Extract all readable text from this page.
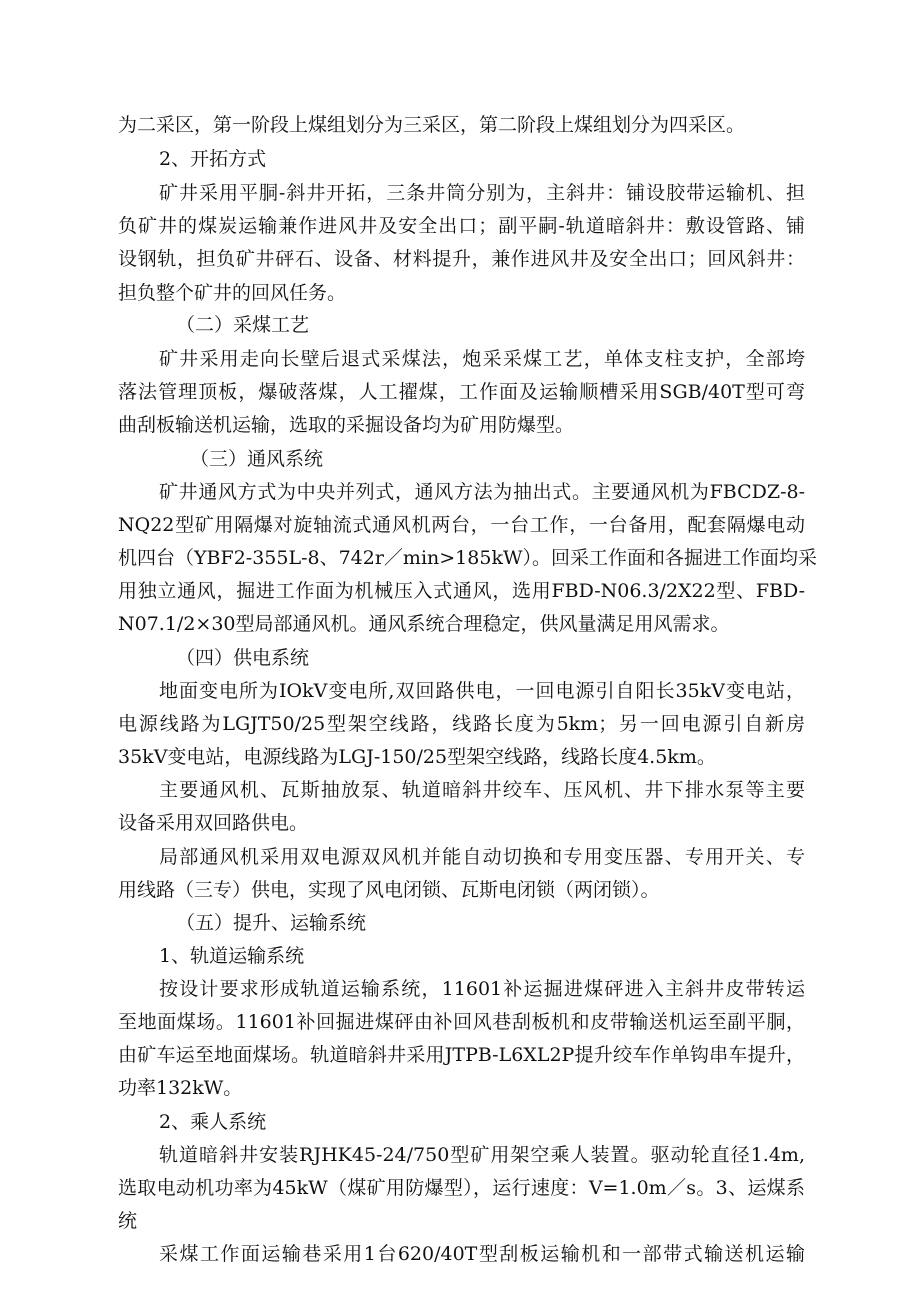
为二采区，第一阶段上煤组划分为三采区，第二阶段上煤组划分为四采区。
2、开拓方式
矿井采用平胴-斜井开拓，三条井筒分别为，主斜井：铺设胶带运输机、担
负矿井的煤炭运输兼作进风井及安全出口；副平嗣-轨道暗斜井：敷设管路、铺
设钢轨，担负矿井砰石、设备、材料提升，兼作进风井及安全出口；回风斜井：
担负整个矿井的回风任务。
（二）采煤工艺
矿井采用走向长壁后退式采煤法，炮采采煤工艺，单体支柱支护，全部垮
落法管理顶板，爆破落煤，人工擢煤，工作面及运输顺槽采用SGB/40T型可弯
曲刮板输送机运输，选取的采掘设备均为矿用防爆型。
（三）通风系统
矿井通风方式为中央并列式，通风方法为抽出式。主要通风机为FBCDZ-8-
NQ22型矿用隔爆对旋轴流式通风机两台，一台工作，一台备用，配套隔爆电动
机四台（YBF2-355L-8、742r／min>185kW）。回采工作面和各掘进工作面均采
用独立通风，掘进工作面为机械压入式通风，选用FBD-N06.3/2X22型、FBD-
N07.1/2×30型局部通风机。通风系统合理稳定，供风量满足用风需求。
（四）供电系统
地面变电所为IOkV变电所,双回路供电，一回电源引自阳长35kV变电站，
电源线路为LGJT50/25型架空线路，线路长度为5km；另一回电源引自新房
35kV变电站，电源线路为LGJ-150/25型架空线路，线路长度4.5km。
主要通风机、瓦斯抽放泵、轨道暗斜井绞车、压风机、井下排水泵等主要
设备采用双回路供电。
局部通风机采用双电源双风机并能自动切换和专用变压器、专用开关、专
用线路（三专）供电，实现了风电闭锁、瓦斯电闭锁（两闭锁）。
（五）提升、运输系统
1、轨道运输系统
按设计要求形成轨道运输系统，11601补运掘进煤砰进入主斜井皮带转运
至地面煤场。11601补回掘进煤砰由补回风巷刮板机和皮带输送机运至副平胴，
由矿车运至地面煤场。轨道暗斜井采用JTPB-L6XL2P提升绞车作单钩串车提升，
功率132kW。
2、乘人系统
轨道暗斜井安装RJHK45-24/750型矿用架空乘人装置。驱动轮直径1.4m,
选取电动机功率为45kW（煤矿用防爆型），运行速度：V=1.0m／s。3、运煤系
统
采煤工作面运输巷采用1台620/40T型刮板运输机和一部带式输送机运输
